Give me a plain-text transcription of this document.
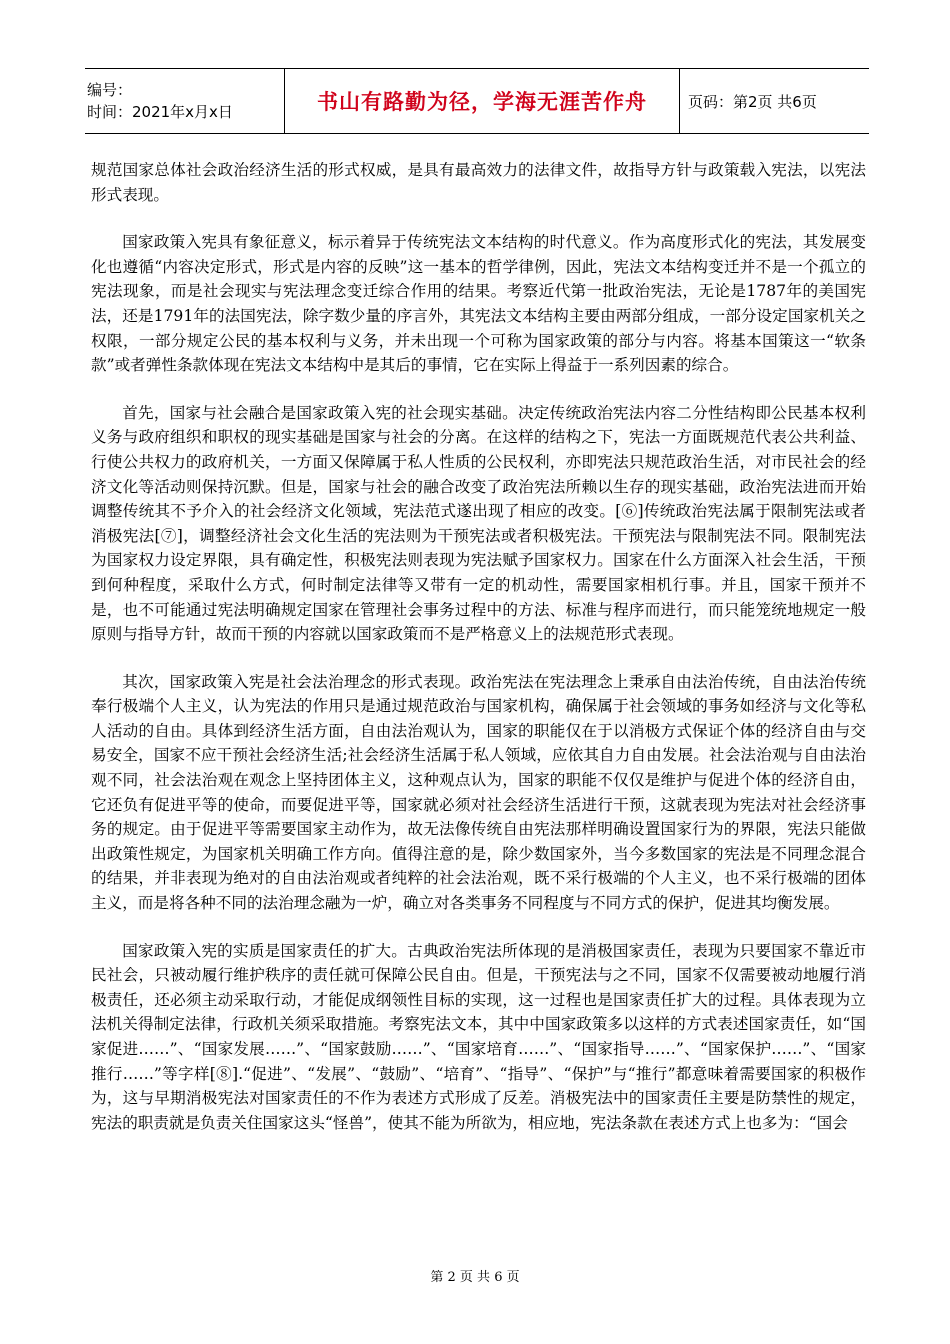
编号：
时间：2021年x月x日	书山有路勤为径，学海无涯苦作舟	页码：第2页 共6页

规范国家总体社会政治经济生活的形式权威，是具有最高效力的法律文件，故指导方针与政策载入宪法，以宪法形式表现。

国家政策入宪具有象征意义，标示着异于传统宪法文本结构的时代意义。作为高度形式化的宪法，其发展变化也遵循“内容决定形式，形式是内容的反映”这一基本的哲学律例，因此，宪法文本结构变迁并不是一个孤立的宪法现象，而是社会现实与宪法理念变迁综合作用的结果。考察近代第一批政治宪法，无论是1787年的美国宪法，还是1791年的法国宪法，除字数少量的序言外，其宪法文本结构主要由两部分组成，一部分设定国家机关之权限，一部分规定公民的基本权利与义务，并未出现一个可称为国家政策的部分与内容。将基本国策这一“软条款”或者弹性条款体现在宪法文本结构中是其后的事情，它在实际上得益于一系列因素的综合。

首先，国家与社会融合是国家政策入宪的社会现实基础。决定传统政治宪法内容二分性结构即公民基本权利义务与政府组织和职权的现实基础是国家与社会的分离。在这样的结构之下，宪法一方面既规范代表公共利益、行使公共权力的政府机关，一方面又保障属于私人性质的公民权利，亦即宪法只规范政治生活，对市民社会的经济文化等活动则保持沉默。但是，国家与社会的融合改变了政治宪法所赖以生存的现实基础，政治宪法进而开始调整传统其不予介入的社会经济文化领域，宪法范式遂出现了相应的改变。[⑥]传统政治宪法属于限制宪法或者消极宪法[⑦]，调整经济社会文化生活的宪法则为干预宪法或者积极宪法。干预宪法与限制宪法不同。限制宪法为国家权力设定界限，具有确定性，积极宪法则表现为宪法赋予国家权力。国家在什么方面深入社会生活，干预到何种程度，采取什么方式，何时制定法律等又带有一定的机动性，需要国家相机行事。并且，国家干预并不是，也不可能通过宪法明确规定国家在管理社会事务过程中的方法、标准与程序而进行，而只能笼统地规定一般原则与指导方针，故而干预的内容就以国家政策而不是严格意义上的法规范形式表现。

其次，国家政策入宪是社会法治理念的形式表现。政治宪法在宪法理念上秉承自由法治传统，自由法治传统奉行极端个人主义，认为宪法的作用只是通过规范政治与国家机构，确保属于社会领域的事务如经济与文化等私人活动的自由。具体到经济生活方面，自由法治观认为，国家的职能仅在于以消极方式保证个体的经济自由与交易安全，国家不应干预社会经济生活;社会经济生活属于私人领域，应依其自力自由发展。社会法治观与自由法治观不同，社会法治观在观念上坚持团体主义，这种观点认为，国家的职能不仅仅是维护与促进个体的经济自由，它还负有促进平等的使命，而要促进平等，国家就必须对社会经济生活进行干预，这就表现为宪法对社会经济事务的规定。由于促进平等需要国家主动作为，故无法像传统自由宪法那样明确设置国家行为的界限，宪法只能做出政策性规定，为国家机关明确工作方向。值得注意的是，除少数国家外，当今多数国家的宪法是不同理念混合的结果，并非表现为绝对的自由法治观或者纯粹的社会法治观，既不采行极端的个人主义，也不采行极端的团体主义，而是将各种不同的法治理念融为一炉，确立对各类事务不同程度与不同方式的保护，促进其均衡发展。

国家政策入宪的实质是国家责任的扩大。古典政治宪法所体现的是消极国家责任，表现为只要国家不靠近市民社会，只被动履行维护秩序的责任就可保障公民自由。但是，干预宪法与之不同，国家不仅需要被动地履行消极责任，还必须主动采取行动，才能促成纲领性目标的实现，这一过程也是国家责任扩大的过程。具体表现为立法机关得制定法律，行政机关须采取措施。考察宪法文本，其中中国家政策多以这样的方式表述国家责任，如“国家促进……”、“国家发展……”、“国家鼓励……”、“国家培育……”、“国家指导……”、“国家保护……”、“国家推行……”等字样[⑧].“促进”、“发展”、“鼓励”、“培育”、“指导”、“保护”与“推行”都意味着需要国家的积极作为，这与早期消极宪法对国家责任的不作为表述方式形成了反差。消极宪法中的国家责任主要是防禁性的规定，宪法的职责就是负责关住国家这头“怪兽”，使其不能为所欲为，相应地，宪法条款在表述方式上也多为：“国会

第 2 页 共 6 页
